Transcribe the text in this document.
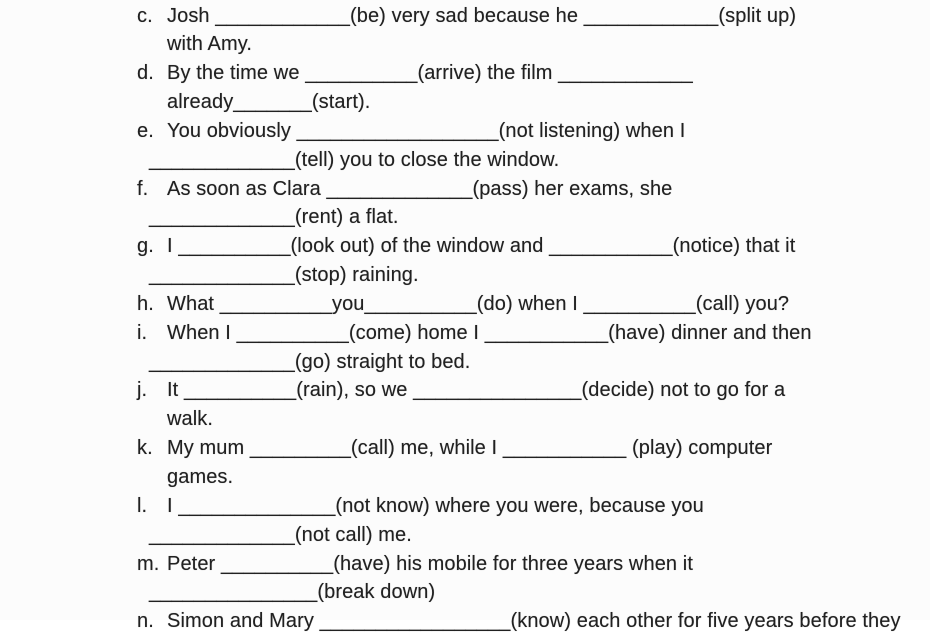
c. Josh ____________(be) very sad because he ____________(split up)
with Amy.
d. By the time we __________(arrive) the film ____________
already_______(start).
e. You obviously __________________(not listening) when I
_____________(tell) you to close the window.
f. As soon as Clara _____________(pass) her exams, she
_____________(rent) a flat.
g. I __________(look out) of the window and ___________(notice) that it
_____________(stop) raining.
h. What __________you__________(do) when I __________(call) you?
i. When I __________(come) home I ___________(have) dinner and then
_____________(go) straight to bed.
j. It __________(rain), so we _______________(decide) not to go for a
walk.
k. My mum _________(call) me, while I ___________ (play) computer
games.
l. I ______________(not know) where you were, because you
_____________(not call) me.
m. Peter __________(have) his mobile for three years when it
_______________(break down)
n. Simon and Mary _________________(know) each other for five years before they
